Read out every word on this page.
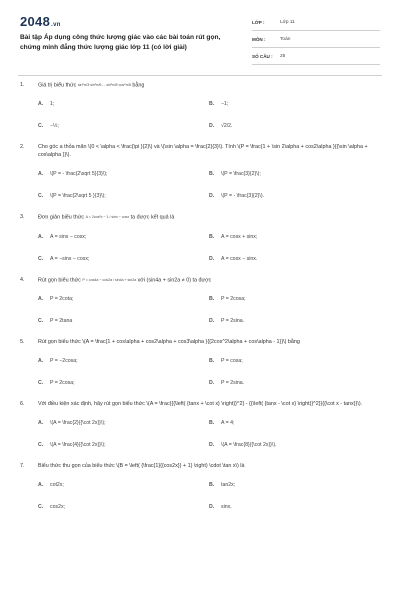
2048.vn
Bài tập Áp dụng công thức lượng giác vào các bài toán rút gọn, chứng minh đẳng thức lượng giác lớp 11 (có lời giải)
LỚP :	Lớp 11
MÔN :	Toán
SỐ CÂU :	25
1.	Giá trị biểu thức sin²π/3·sin²π/6 ... sin²π/8·cos²π/8 bằng
A.	1;	B.	−1;
C.	−½;	D.	√2/2.
2.	Cho góc a thỏa mãn \(0 < \alpha < \frac{\pi }{2}\) và \(\sin \alpha = \frac{2}{3}\). Tính \(P = \frac{1 + \sin 2\alpha + cos2\alpha }{{\sin \alpha + cos\alpha }}\).
A.	\(P = - \frac{2\sqrt 5}{3}\);	B.	\(P = \frac{3}{2}\);
C.	\(P = \frac{2\sqrt 5 }{3}\);	D.	\(P = - \frac{3}{2}\).
3.	Đơn giản biểu thức A = 2cos²x − 1 / sinx − cosx ta được kết quả là
A.	A = sinx − cosx;	B.	A = cosx + sinx;
C.	A = −sinx − cosx;	D.	A = cosx − sinx.
4.	Rút gọn biểu thức P = cos4a − cos2a / sin4a + sin2a với (sin4a + sin2a ≠ 0) ta được
A.	P = 2cota;	B.	P = 2cosa;
C.	P = 2tana	D.	P = 2sina.
5.	Rút gọn biểu thức \(A = \frac{1 + cos\alpha + cos2\alpha + cos3\alpha }{{2cos^2\alpha + cos\alpha - 1}}\) bằng
A.	P = −2cosa;	B.	P = cosa;
C.	P = 2cosa;	D.	P = 2sina.
6.	Với điều kiện xác định, hãy rút gọn biểu thức \(A = \frac{{{\left( {tanx + \cot x} \right)}^2} - {{\left( {tanx - \cot x} \right)}^2}}{{\cot x - tanx}}\).
A.	\(A = \frac{2}{{\cot 2x}}\);	B.	A = 4;
C.	\(A = \frac{4}{{\cot 2x}}\);	D.	\(A = \frac{8}{{\cot 2x}}\).
7.	Biểu thức thu gọn của biểu thức \(B = \left( {\frac{1}{{cos2x}} + 1} \right) \cdot \tan x\) là
A.	cot2x;	B.	tan2x;
C.	cos2x;	D.	sinx.
